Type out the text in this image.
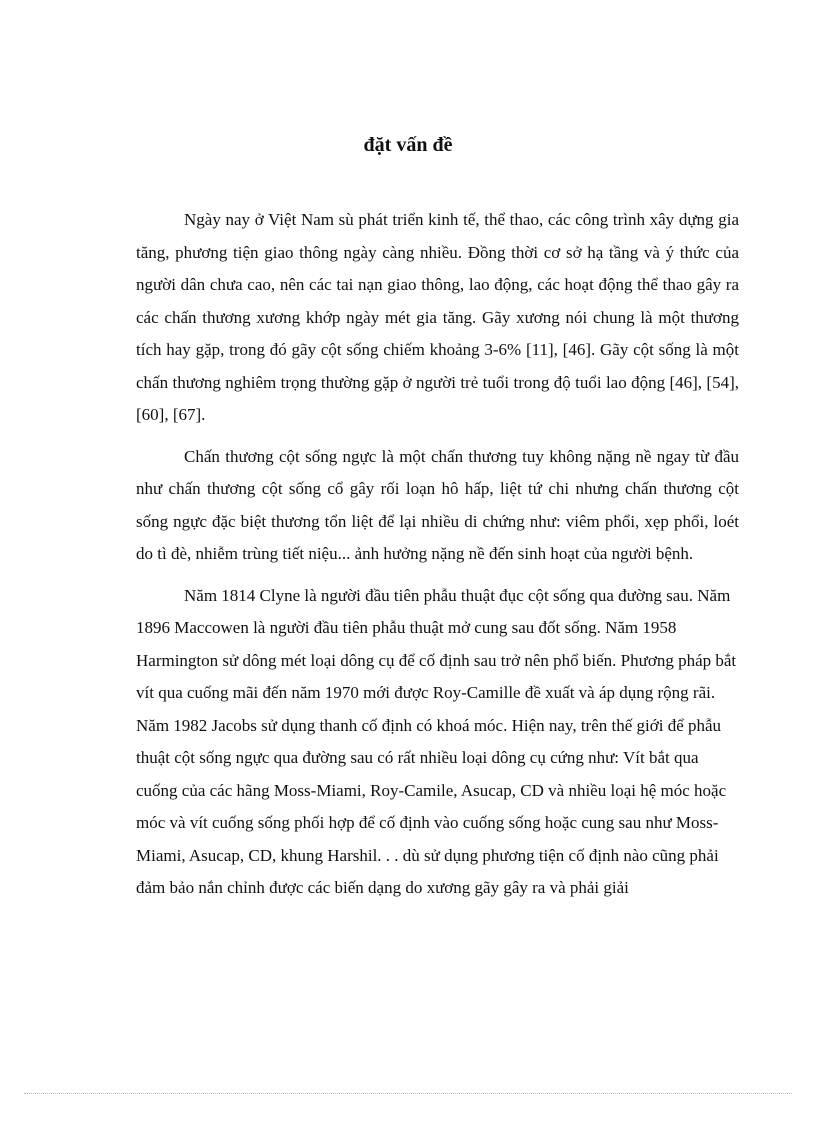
đặt vấn đề

Ngày nay ở Việt Nam sù phát triển kinh tế, thể thao, các công trình xây dựng gia tăng, phương tiện giao thông ngày càng nhiều. Đồng thời cơ sở hạ tầng và ý thức của người dân chưa cao, nên các tai nạn giao thông, lao động, các hoạt động thể thao gây ra các chấn thương xương khớp ngày mét gia tăng. Gãy xương nói chung là một thương tích hay gặp, trong đó gãy cột sống chiếm khoảng 3-6% [11], [46]. Gãy cột sống là một chấn thương nghiêm trọng thường gặp ở người trẻ tuổi trong độ tuổi lao động [46], [54], [60], [67].

Chấn thương cột sống ngực là một chấn thương tuy không nặng nề ngay từ đầu như chấn thương cột sống cổ gây rối loạn hô hấp, liệt tứ chi nhưng chấn thương cột sống ngực đặc biệt thương tổn liệt để lại nhiều di chứng như: viêm phổi, xẹp phổi, loét do tì đè, nhiễm trùng tiết niệu... ảnh hưởng nặng nề đến sinh hoạt của người bệnh.

Năm 1814 Clyne là người đầu tiên phẫu thuật đục cột sống qua đường sau. Năm 1896 Maccowen là người đầu tiên phẫu thuật mở cung sau đốt sống. Năm 1958 Harmington sử dông mét loại dông cụ để cố định sau trở nên phổ biến. Phương pháp bắt vít qua cuống mãi đến năm 1970 mới được Roy-Camille đề xuất và áp dụng rộng rãi. Năm 1982 Jacobs sử dụng thanh cố định có khoá móc. Hiện nay, trên thế giới để phẫu thuật cột sống ngực qua đường sau có rất nhiều loại dông cụ cứng như: Vít bắt qua cuống của các hãng Moss-Miami, Roy-Camile, Asucap, CD và nhiều loại hệ móc hoặc móc và vít cuống sống phối hợp để cố định vào cuống sống hoặc cung sau như Moss-Miami, Asucap, CD, khung Harshil. . . dù sử dụng phương tiện cố định nào cũng phải đảm bảo nắn chỉnh được các biến dạng do xương gãy gây ra và phải giải
